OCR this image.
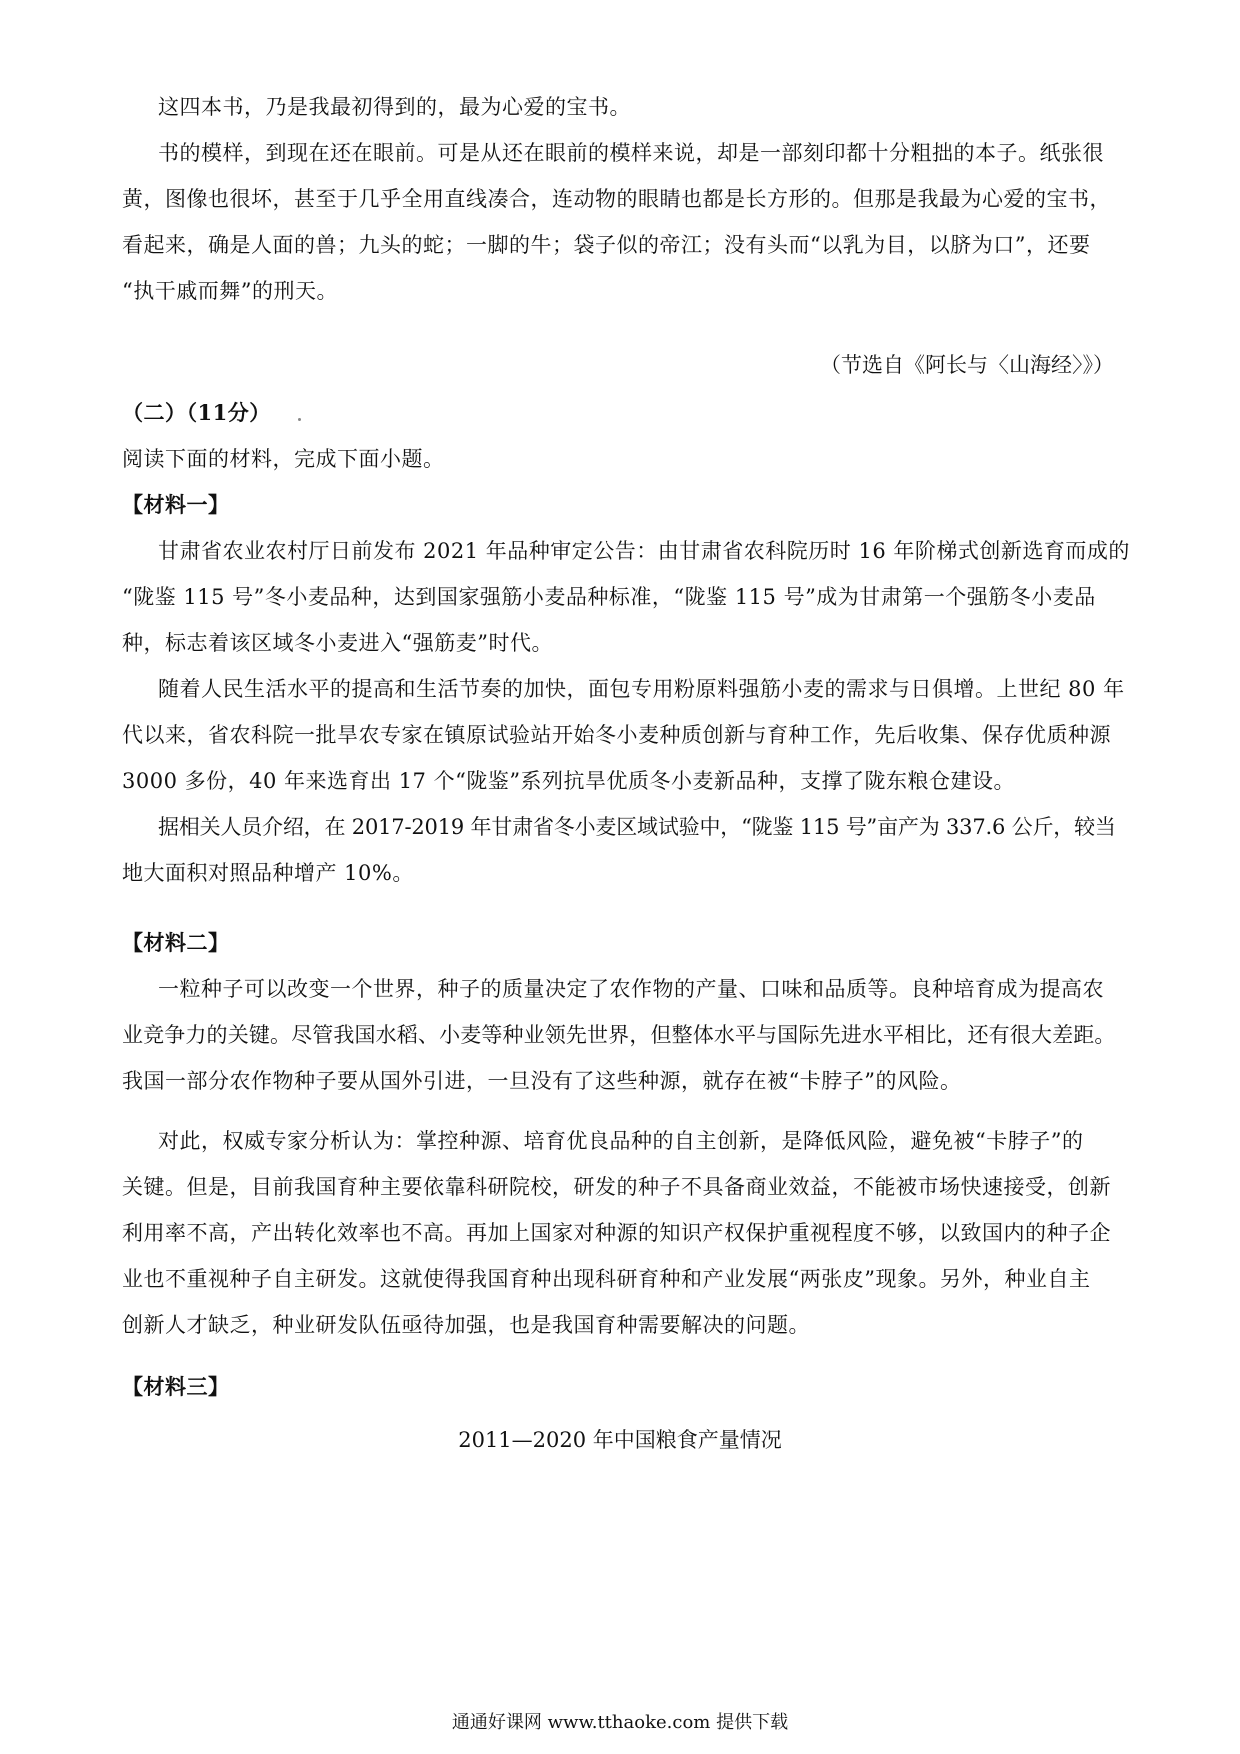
这四本书，乃是我最初得到的，最为心爱的宝书。
书的模样，到现在还在眼前。可是从还在眼前的模样来说，却是一部刻印都十分粗拙的本子。纸张很
黄，图像也很坏，甚至于几乎全用直线凑合，连动物的眼睛也都是长方形的。但那是我最为心爱的宝书，
看起来，确是人面的兽；九头的蛇；一脚的牛；袋子似的帝江；没有头而“以乳为目，以脐为口”，还要
“执干戚而舞”的刑天。
（节选自《阿长与〈山海经〉》）
（二）（11分）
阅读下面的材料，完成下面小题。
【材料一】
甘肃省农业农村厅日前发布 2021 年品种审定公告：由甘肃省农科院历时 16 年阶梯式创新选育而成的
“陇鉴 115 号”冬小麦品种，达到国家强筋小麦品种标准，“陇鉴 115 号”成为甘肃第一个强筋冬小麦品
种，标志着该区域冬小麦进入“强筋麦”时代。
随着人民生活水平的提高和生活节奏的加快，面包专用粉原料强筋小麦的需求与日俱增。上世纪 80 年
代以来，省农科院一批旱农专家在镇原试验站开始冬小麦种质创新与育种工作，先后收集、保存优质种源
3000 多份，40 年来选育出 17 个“陇鉴”系列抗旱优质冬小麦新品种，支撑了陇东粮仓建设。
据相关人员介绍，在 2017-2019 年甘肃省冬小麦区域试验中，“陇鉴 115 号”亩产为 337.6 公斤，较当
地大面积对照品种增产 10%。
【材料二】
一粒种子可以改变一个世界，种子的质量决定了农作物的产量、口味和品质等。良种培育成为提高农
业竞争力的关键。尽管我国水稻、小麦等种业领先世界，但整体水平与国际先进水平相比，还有很大差距。
我国一部分农作物种子要从国外引进，一旦没有了这些种源，就存在被“卡脖子”的风险。
对此，权威专家分析认为：掌控种源、培育优良品种的自主创新，是降低风险，避免被“卡脖子”的
关键。但是，目前我国育种主要依靠科研院校，研发的种子不具备商业效益，不能被市场快速接受，创新
利用率不高，产出转化效率也不高。再加上国家对种源的知识产权保护重视程度不够，以致国内的种子企
业也不重视种子自主研发。这就使得我国育种出现科研育种和产业发展“两张皮”现象。另外，种业自主
创新人才缺乏，种业研发队伍亟待加强，也是我国育种需要解决的问题。
【材料三】
2011—2020 年中国粮食产量情况
通通好课网 www.tthaoke.com 提供下载
